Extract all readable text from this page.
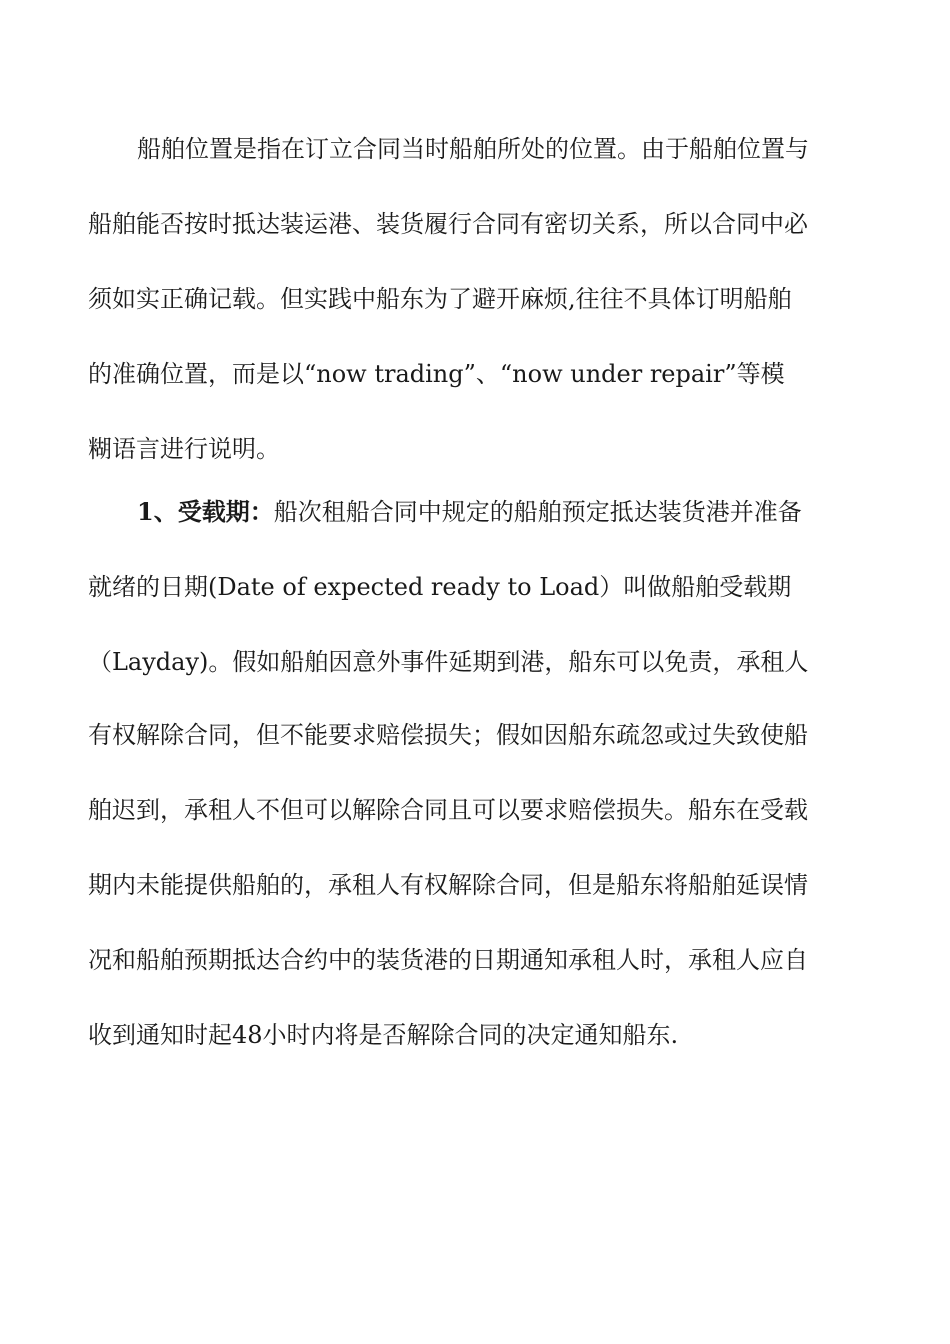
船舶位置是指在订立合同当时船舶所处的位置。由于船舶位置与
船舶能否按时抵达装运港、装货履行合同有密切关系，所以合同中必
须如实正确记载。但实践中船东为了避开麻烦,往往不具体订明船舶
的准确位置，而是以“now trading”、“now under repair”等模
糊语言进行说明。
1、受载期：船次租船合同中规定的船舶预定抵达装货港并准备
就绪的日期(Date of expected ready to Load）叫做船舶受载期
（Layday)。假如船舶因意外事件延期到港，船东可以免责，承租人
有权解除合同，但不能要求赔偿损失；假如因船东疏忽或过失致使船
舶迟到，承租人不但可以解除合同且可以要求赔偿损失。船东在受载
期内未能提供船舶的，承租人有权解除合同，但是船东将船舶延误情
况和船舶预期抵达合约中的装货港的日期通知承租人时，承租人应自
收到通知时起48小时内将是否解除合同的决定通知船东.
